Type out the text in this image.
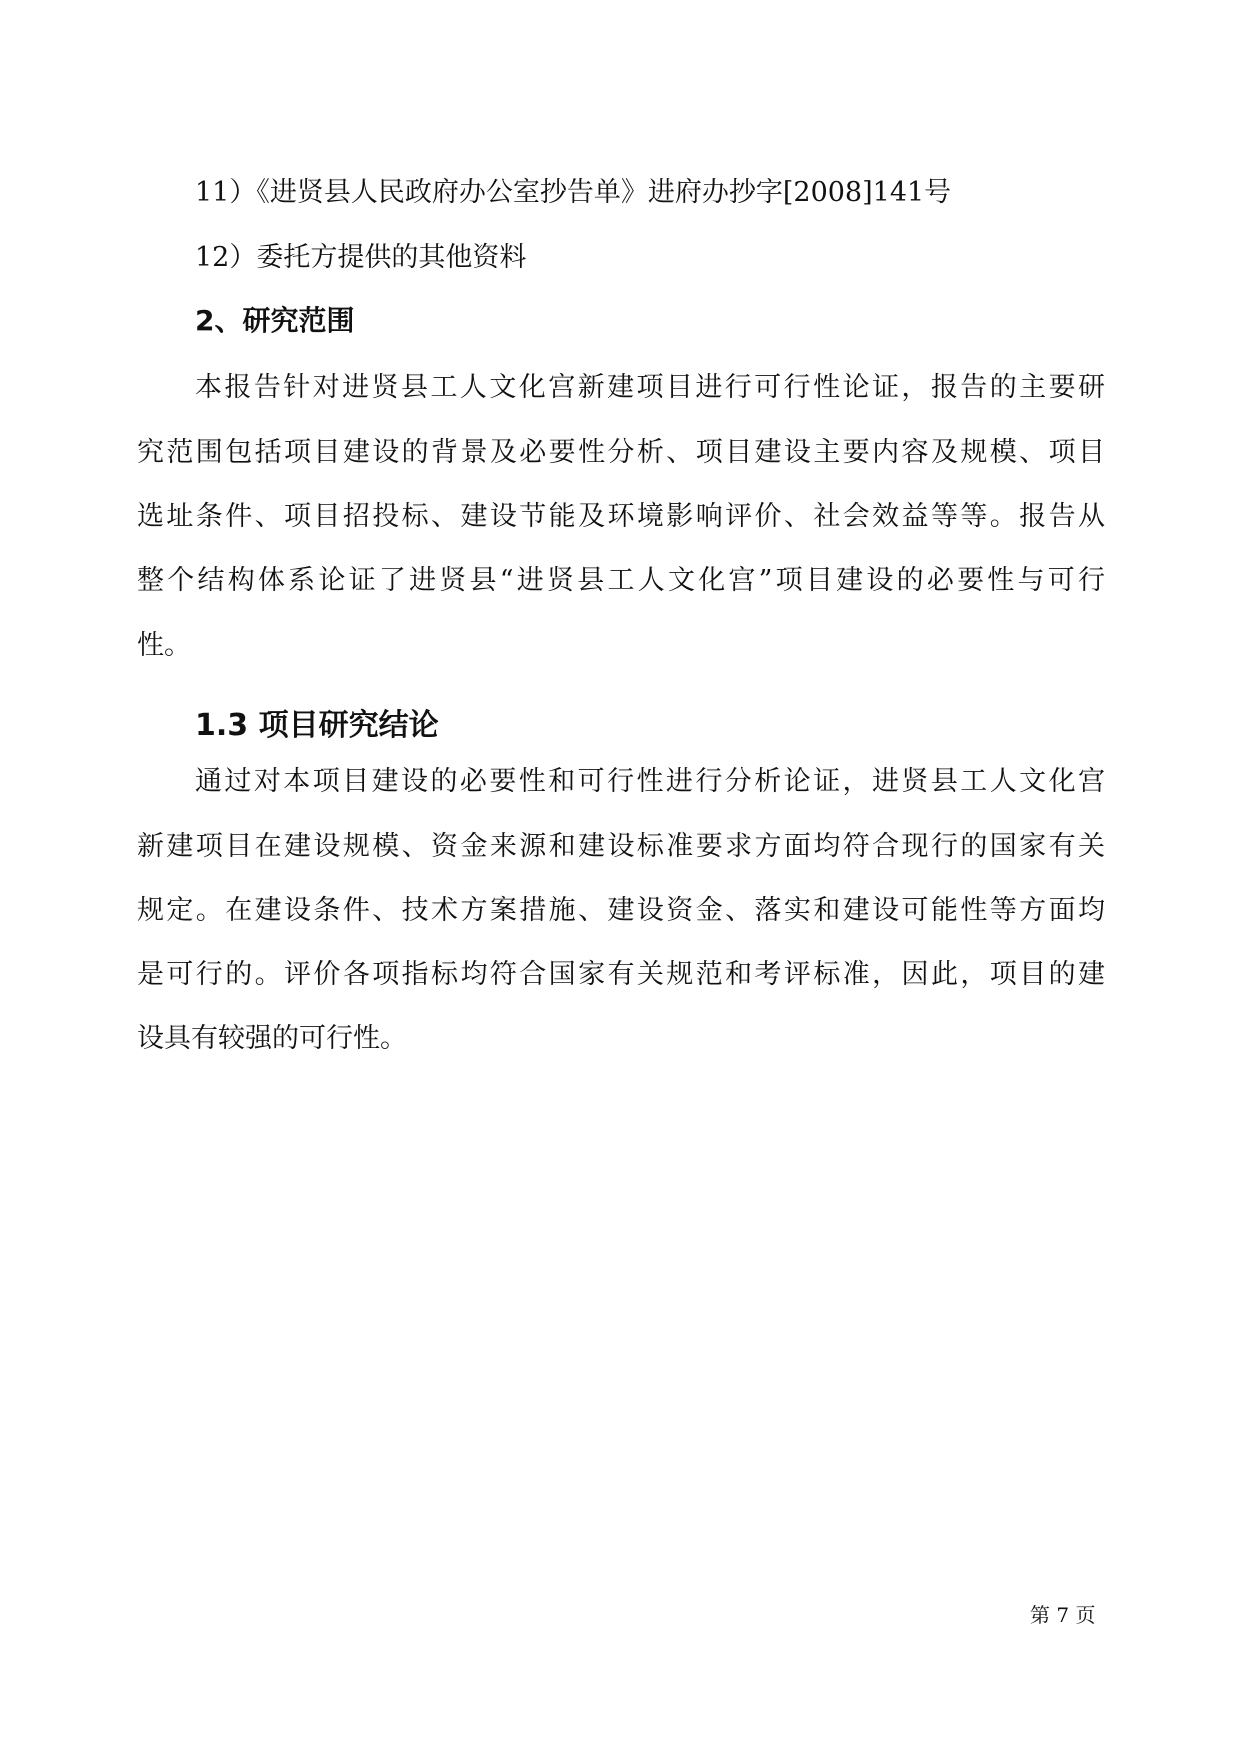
11）《进贤县人民政府办公室抄告单》进府办抄字[2008]141号
12）委托方提供的其他资料
2、研究范围
本报告针对进贤县工人文化宫新建项目进行可行性论证，报告的主要研
究范围包括项目建设的背景及必要性分析、项目建设主要内容及规模、项目
选址条件、项目招投标、建设节能及环境影响评价、社会效益等等。报告从
整个结构体系论证了进贤县“进贤县工人文化宫”项目建设的必要性与可行
性。
1.3 项目研究结论
通过对本项目建设的必要性和可行性进行分析论证，进贤县工人文化宫
新建项目在建设规模、资金来源和建设标准要求方面均符合现行的国家有关
规定。在建设条件、技术方案措施、建设资金、落实和建设可能性等方面均
是可行的。评价各项指标均符合国家有关规范和考评标准，因此，项目的建
设具有较强的可行性。
第 7 页
